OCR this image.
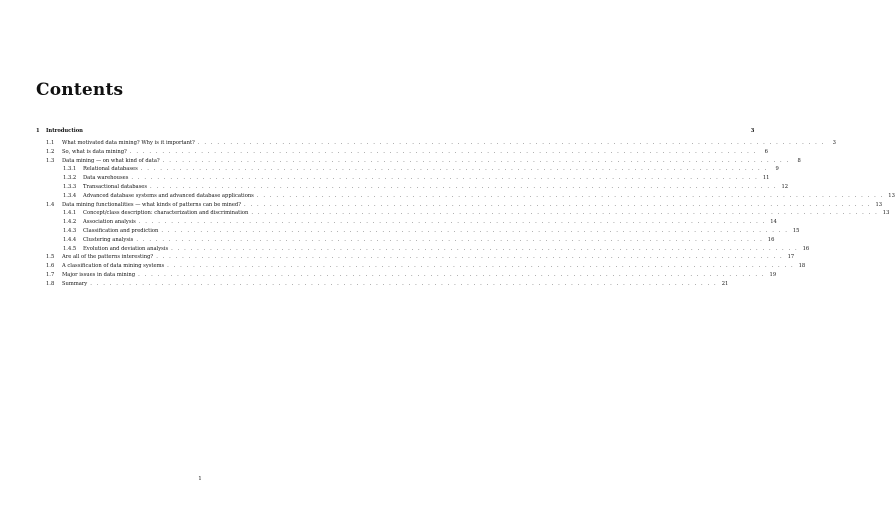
Contents
1	Introduction	3
1.1	What motivated data mining? Why is it important? . . .	3
1.2	So, what is data mining? . . .	6
1.3	Data mining — on what kind of data? . . .	8
1.3.1	Relational databases . . .	9
1.3.2	Data warehouses . . .	11
1.3.3	Transactional databases . . .	12
1.3.4	Advanced database systems and advanced database applications . . .	13
1.4	Data mining functionalities — what kinds of patterns can be mined? . . .	13
1.4.1	Concept/class description: characterization and discrimination . . .	13
1.4.2	Association analysis . . .	14
1.4.3	Classification and prediction . . .	15
1.4.4	Clustering analysis . . .	16
1.4.5	Evolution and deviation analysis . . .	16
1.5	Are all of the patterns interesting? . . .	17
1.6	A classification of data mining systems . . .	18
1.7	Major issues in data mining . . .	19
1.8	Summary . . .	21
1
